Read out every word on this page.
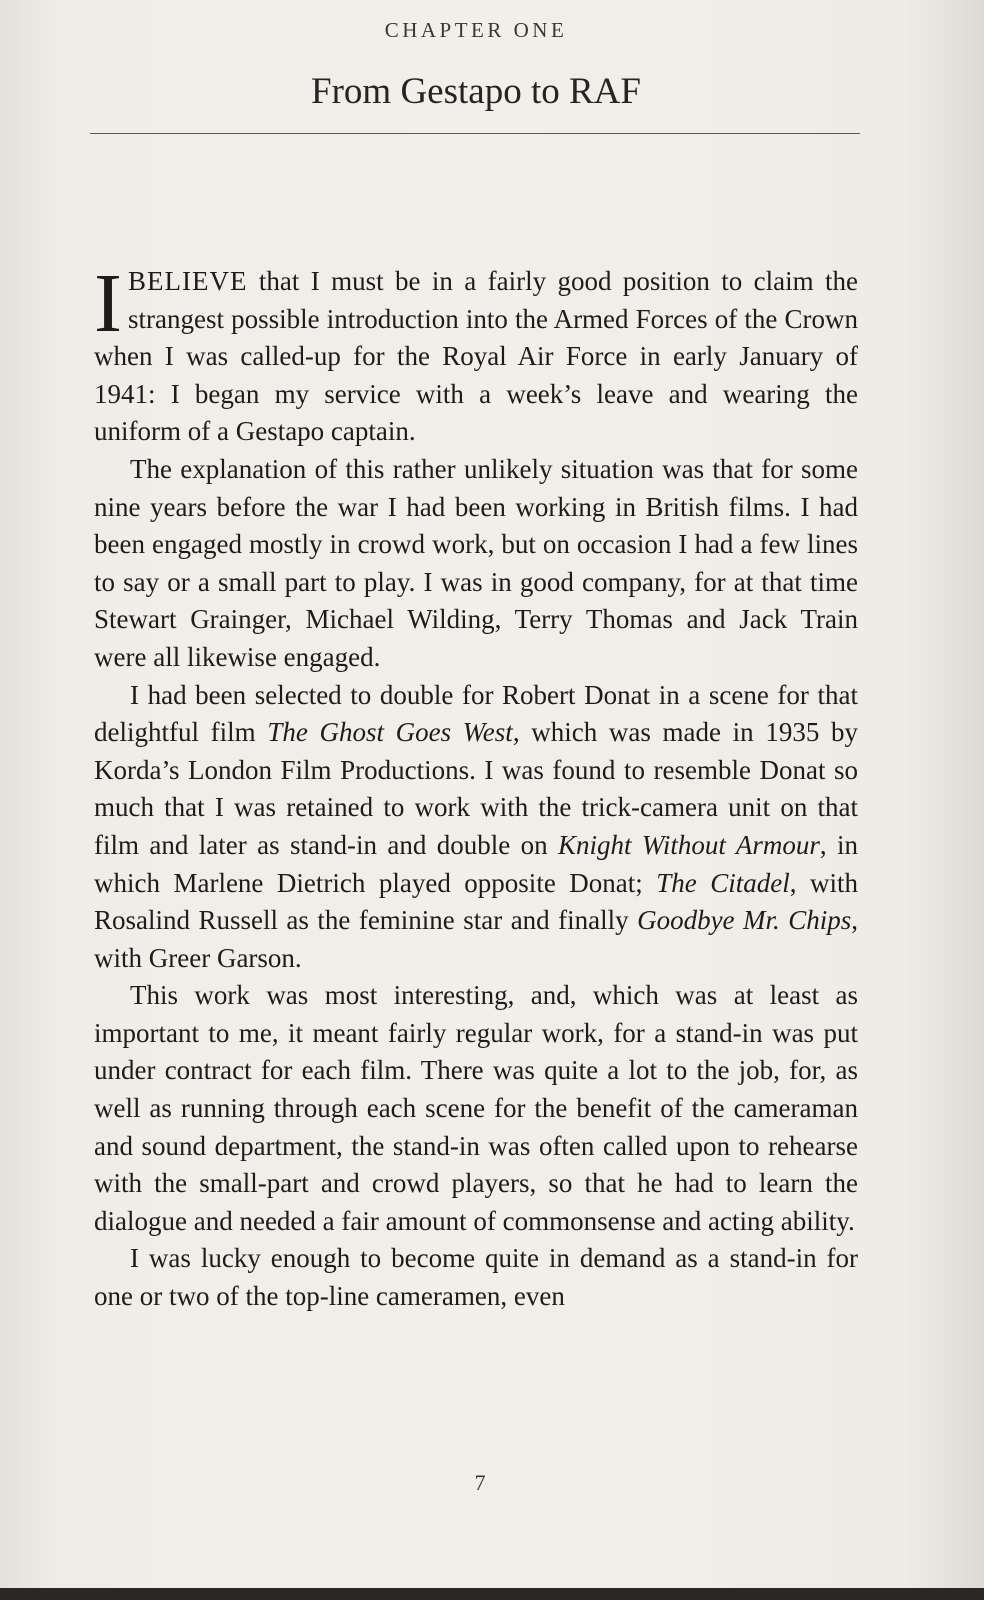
CHAPTER ONE
From Gestapo to RAF

IBELIEVE that I must be in a fairly good position to claim the strangest possible introduction into the Armed Forces of the Crown when I was called-up for the Royal Air Force in early January of 1941: I began my service with a week’s leave and wearing the uniform of a Gestapo captain.

The explanation of this rather unlikely situation was that for some nine years before the war I had been working in British films. I had been engaged mostly in crowd work, but on occasion I had a few lines to say or a small part to play. I was in good company, for at that time Stewart Grainger, Michael Wilding, Terry Thomas and Jack Train were all likewise engaged.

I had been selected to double for Robert Donat in a scene for that delightful film The Ghost Goes West, which was made in 1935 by Korda’s London Film Productions. I was found to resemble Donat so much that I was retained to work with the trick-camera unit on that film and later as stand-in and double on Knight Without Armour, in which Marlene Dietrich played opposite Donat; The Citadel, with Rosalind Russell as the feminine star and finally Goodbye Mr. Chips, with Greer Garson.

This work was most interesting, and, which was at least as important to me, it meant fairly regular work, for a stand-in was put under contract for each film. There was quite a lot to the job, for, as well as running through each scene for the benefit of the cameraman and sound department, the stand-in was often called upon to rehearse with the small-part and crowd players, so that he had to learn the dialogue and needed a fair amount of commonsense and acting ability.

I was lucky enough to become quite in demand as a stand-in for one or two of the top-line cameramen, even

7
